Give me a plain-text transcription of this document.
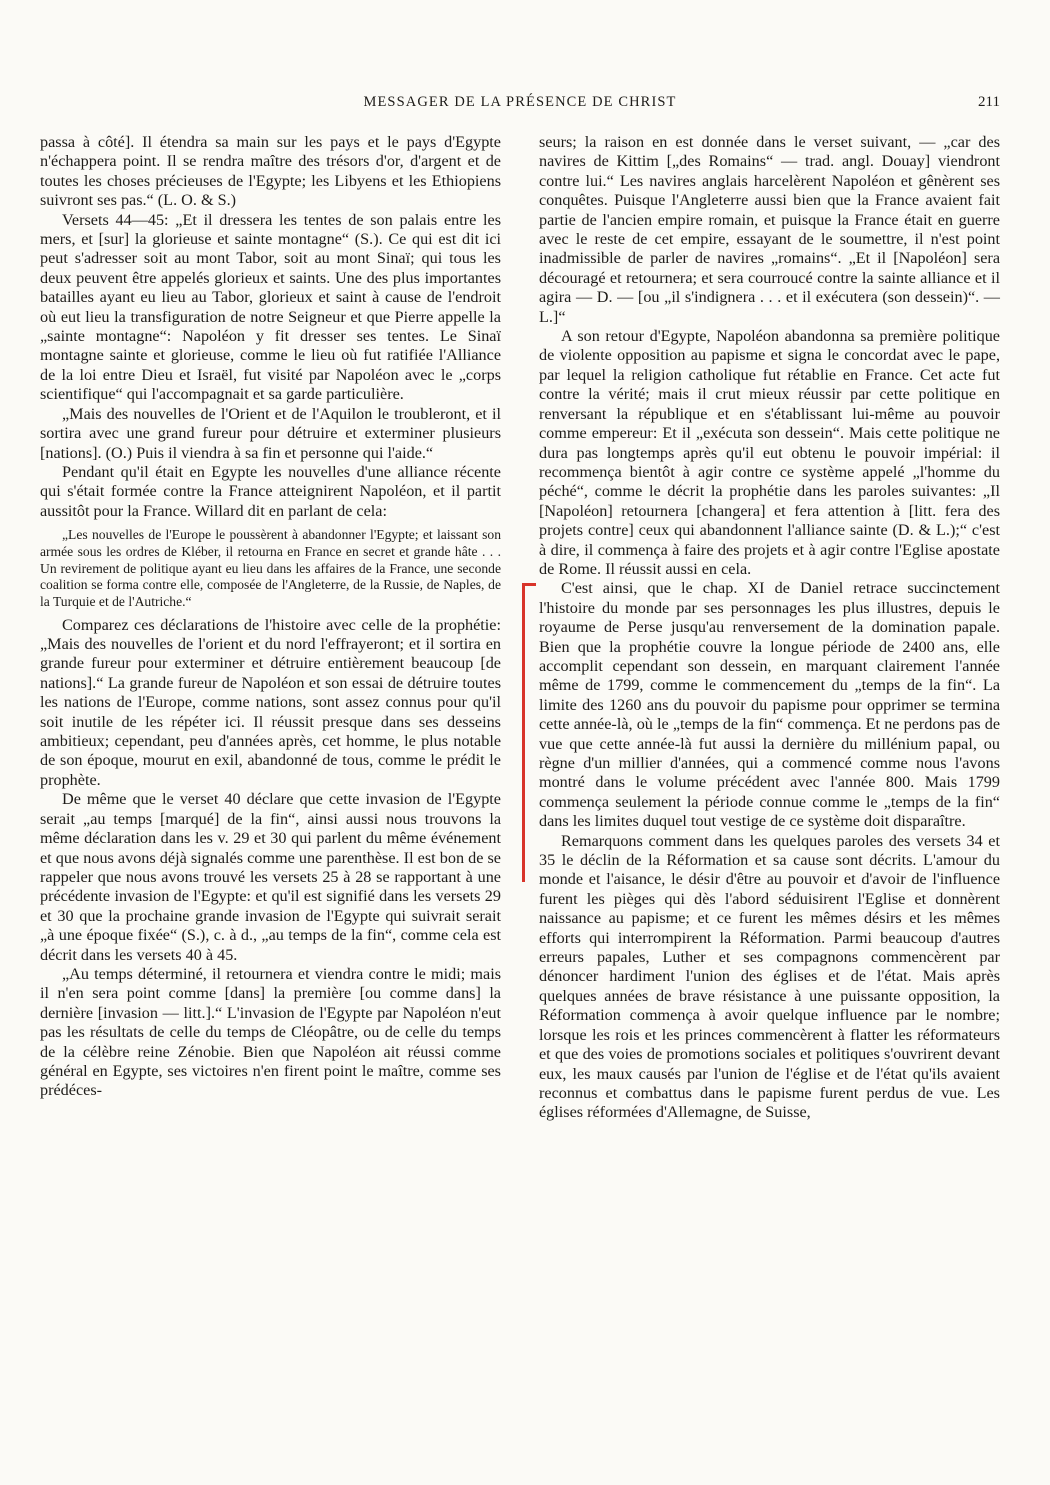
MESSAGER DE LA PRÉSENCE DE CHRIST	211

passa à côté]. Il étendra sa main sur les pays et le pays d'Egypte n'échappera point. Il se rendra maître des trésors d'or, d'argent et de toutes les choses précieuses de l'Egypte; les Libyens et les Ethiopiens suivront ses pas.“ (L. O. & S.)

Versets 44—45: „Et il dressera les tentes de son palais entre les mers, et [sur] la glorieuse et sainte montagne“ (S.). Ce qui est dit ici peut s'adresser soit au mont Tabor, soit au mont Sinaï; qui tous les deux peuvent être appelés glorieux et saints. Une des plus importantes batailles ayant eu lieu au Tabor, glorieux et saint à cause de l'endroit où eut lieu la transfiguration de notre Seigneur et que Pierre appelle la „sainte montagne“: Napoléon y fit dresser ses tentes. Le Sinaï montagne sainte et glorieuse, comme le lieu où fut ratifiée l'Alliance de la loi entre Dieu et Israël, fut visité par Napoléon avec le „corps scientifique“ qui l'accompagnait et sa garde particulière.

„Mais des nouvelles de l'Orient et de l'Aquilon le troubleront, et il sortira avec une grand fureur pour détruire et exterminer plusieurs [nations]. (O.) Puis il viendra à sa fin et personne qui l'aide.“

Pendant qu'il était en Egypte les nouvelles d'une alliance récente qui s'était formée contre la France atteignirent Napoléon, et il partit aussitôt pour la France. Willard dit en parlant de cela:

„Les nouvelles de l'Europe le poussèrent à abandonner l'Egypte; et laissant son armée sous les ordres de Kléber, il retourna en France en secret et grande hâte . . . Un revirement de politique ayant eu lieu dans les affaires de la France, une seconde coalition se forma contre elle, composée de l'Angleterre, de la Russie, de Naples, de la Turquie et de l'Autriche.“

Comparez ces déclarations de l'histoire avec celle de la prophétie: „Mais des nouvelles de l'orient et du nord l'effrayeront; et il sortira en grande fureur pour exterminer et détruire entièrement beaucoup [de nations].“ La grande fureur de Napoléon et son essai de détruire toutes les nations de l'Europe, comme nations, sont assez connus pour qu'il soit inutile de les répéter ici. Il réussit presque dans ses desseins ambitieux; cependant, peu d'années après, cet homme, le plus notable de son époque, mourut en exil, abandonné de tous, comme le prédit le prophète.

De même que le verset 40 déclare que cette invasion de l'Egypte serait „au temps [marqué] de la fin“, ainsi aussi nous trouvons la même déclaration dans les v. 29 et 30 qui parlent du même événement et que nous avons déjà signalés comme une parenthèse. Il est bon de se rappeler que nous avons trouvé les versets 25 à 28 se rapportant à une précédente invasion de l'Egypte: et qu'il est signifié dans les versets 29 et 30 que la prochaine grande invasion de l'Egypte qui suivrait serait „à une époque fixée“ (S.), c. à d., „au temps de la fin“, comme cela est décrit dans les versets 40 à 45.

„Au temps déterminé, il retournera et viendra contre le midi; mais il n'en sera point comme [dans] la première [ou comme dans] la dernière [invasion — litt.].“ L'invasion de l'Egypte par Napoléon n'eut pas les résultats de celle du temps de Cléopâtre, ou de celle du temps de la célèbre reine Zénobie. Bien que Napoléon ait réussi comme général en Egypte, ses victoires n'en firent point le maître, comme ses prédéces-

seurs; la raison en est donnée dans le verset suivant, — „car des navires de Kittim [„des Romains“ — trad. angl. Douay] viendront contre lui.“ Les navires anglais harcelèrent Napoléon et gênèrent ses conquêtes. Puisque l'Angleterre aussi bien que la France avaient fait partie de l'ancien empire romain, et puisque la France était en guerre avec le reste de cet empire, essayant de le soumettre, il n'est point inadmissible de parler de navires „romains“. „Et il [Napoléon] sera découragé et retournera; et sera courroucé contre la sainte alliance et il agira — D. — [ou „il s'indignera . . . et il exécutera (son dessein)“. — L.]“

A son retour d'Egypte, Napoléon abandonna sa première politique de violente opposition au papisme et signa le concordat avec le pape, par lequel la religion catholique fut rétablie en France. Cet acte fut contre la vérité; mais il crut mieux réussir par cette politique en renversant la république et en s'établissant lui-même au pouvoir comme empereur: Et il „exécuta son dessein“. Mais cette politique ne dura pas longtemps après qu'il eut obtenu le pouvoir impérial: il recommença bientôt à agir contre ce système appelé „l'homme du péché“, comme le décrit la prophétie dans les paroles suivantes: „Il [Napoléon] retournera [changera] et fera attention à [litt. fera des projets contre] ceux qui abandonnent l'alliance sainte (D. & L.);“ c'est à dire, il commença à faire des projets et à agir contre l'Eglise apostate de Rome. Il réussit aussi en cela.

C'est ainsi, que le chap. XI de Daniel retrace succinctement l'histoire du monde par ses personnages les plus illustres, depuis le royaume de Perse jusqu'au renversement de la domination papale. Bien que la prophétie couvre la longue période de 2400 ans, elle accomplit cependant son dessein, en marquant clairement l'année même de 1799, comme le commencement du „temps de la fin“. La limite des 1260 ans du pouvoir du papisme pour opprimer se termina cette année-là, où le „temps de la fin“ commença. Et ne perdons pas de vue que cette année-là fut aussi la dernière du millénium papal, ou règne d'un millier d'années, qui a commencé comme nous l'avons montré dans le volume précédent avec l'année 800. Mais 1799 commença seulement la période connue comme le „temps de la fin“ dans les limites duquel tout vestige de ce système doit disparaître.

Remarquons comment dans les quelques paroles des versets 34 et 35 le déclin de la Réformation et sa cause sont décrits. L'amour du monde et l'aisance, le désir d'être au pouvoir et d'avoir de l'influence furent les pièges qui dès l'abord séduisirent l'Eglise et donnèrent naissance au papisme; et ce furent les mêmes désirs et les mêmes efforts qui interrompirent la Réformation. Parmi beaucoup d'autres erreurs papales, Luther et ses compagnons commencèrent par dénoncer hardiment l'union des églises et de l'état. Mais après quelques années de brave résistance à une puissante opposition, la Réformation commença à avoir quelque influence par le nombre; lorsque les rois et les princes commencèrent à flatter les réformateurs et que des voies de promotions sociales et politiques s'ouvrirent devant eux, les maux causés par l'union de l'église et de l'état qu'ils avaient reconnus et combattus dans le papisme furent perdus de vue. Les églises réformées d'Allemagne, de Suisse,
